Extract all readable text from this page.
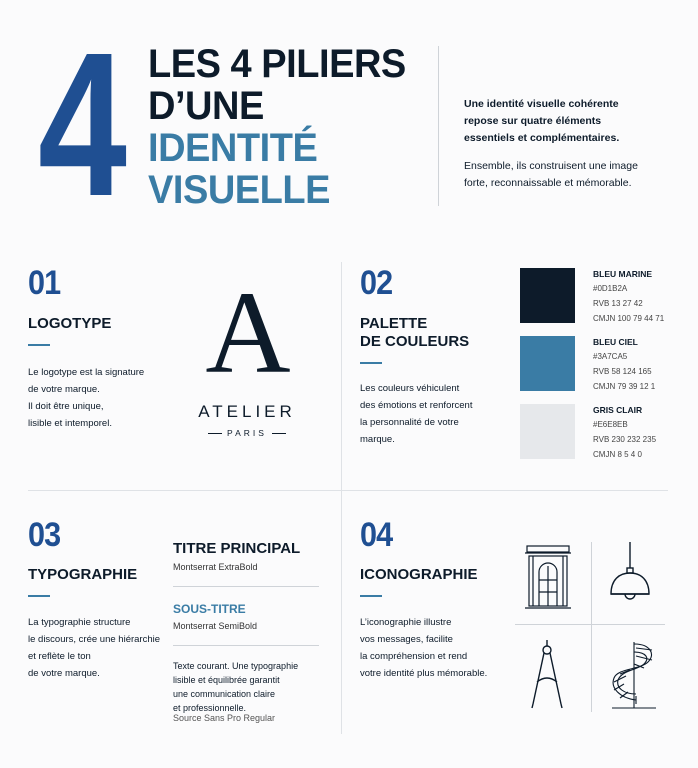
4 LES 4 PILIERS
D’UNE
IDENTITÉ
VISUELLE
Une identité visuelle cohérente
repose sur quatre éléments
essentiels et complémentaires.
Ensemble, ils construisent une image
forte, reconnaissable et mémorable.
01
LOGOTYPE
Le logotype est la signature
de votre marque.
Il doit être unique,
lisible et intemporel.
A
ATELIER
PARIS
02
PALETTE
DE COULEURS
Les couleurs véhiculent
des émotions et renforcent
la personnalité de votre
marque.
BLEU MARINE
#0D1B2A
RVB 13 27 42
CMJN 100 79 44 71
BLEU CIEL
#3A7CA5
RVB 58 124 165
CMJN 79 39 12 1
GRIS CLAIR
#E6E8EB
RVB 230 232 235
CMJN 8 5 4 0
03
TYPOGRAPHIE
La typographie structure
le discours, crée une hiérarchie
et reflète le ton
de votre marque.
TITRE PRINCIPAL
Montserrat ExtraBold
SOUS-TITRE
Montserrat SemiBold
Texte courant. Une typographie
lisible et équilibrée garantit
une communication claire
et professionnelle.
Source Sans Pro Regular
04
ICONOGRAPHIE
L’iconographie illustre
vos messages, facilite
la compréhension et rend
votre identité plus mémorable.
